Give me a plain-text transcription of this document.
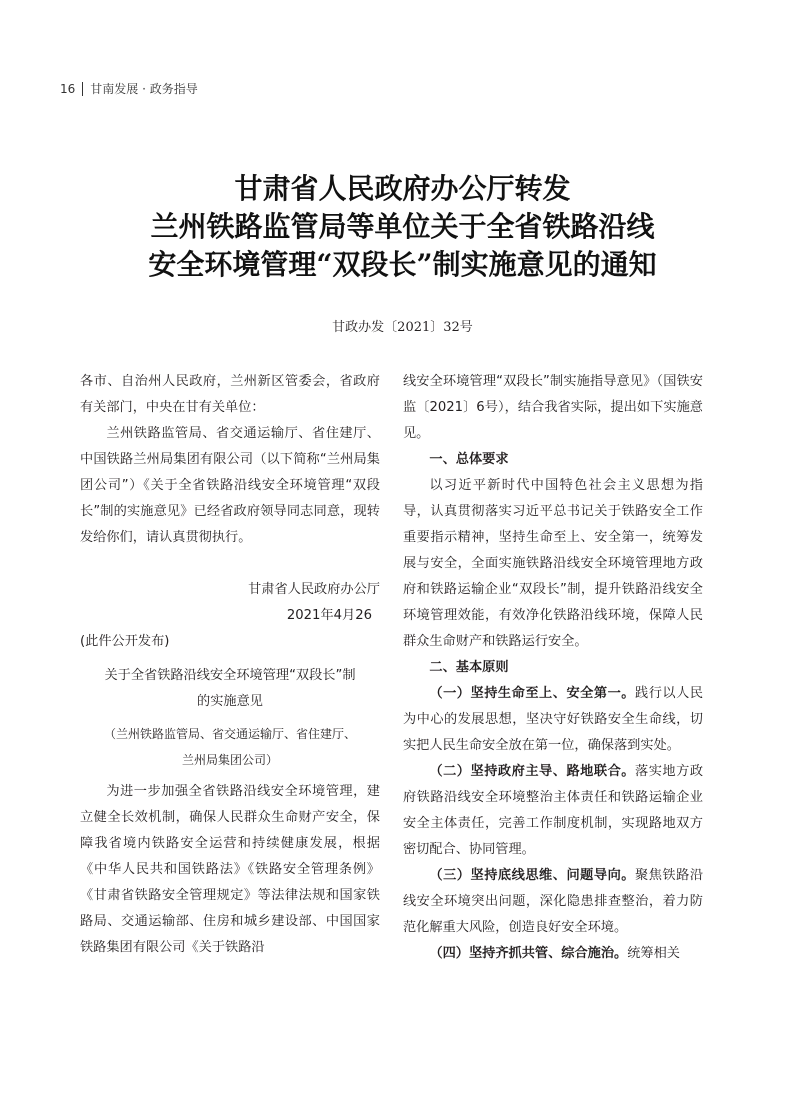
16 甘南发展 · 政务指导
甘肃省人民政府办公厅转发
兰州铁路监管局等单位关于全省铁路沿线
安全环境管理“双段长”制实施意见的通知
甘政办发〔2021〕32号

各市、自治州人民政府，兰州新区管委会，省政府有关部门，中央在甘有关单位：

兰州铁路监管局、省交通运输厅、省住建厅、中国铁路兰州局集团有限公司（以下简称“兰州局集团公司”）《关于全省铁路沿线安全环境管理“双段长”制的实施意见》已经省政府领导同志同意，现转发给你们，请认真贯彻执行。

甘肃省人民政府办公厅

2021年4月26

(此件公开发布)

关于全省铁路沿线安全环境管理“双段长”制
的实施意见
（兰州铁路监管局、省交通运输厅、省住建厅、
兰州局集团公司）

为进一步加强全省铁路沿线安全环境管理，建立健全长效机制，确保人民群众生命财产安全，保障我省境内铁路安全运营和持续健康发展，根据《中华人民共和国铁路法》《铁路安全管理条例》《甘肃省铁路安全管理规定》等法律法规和国家铁路局、交通运输部、住房和城乡建设部、中国国家铁路集团有限公司《关于铁路沿

线安全环境管理“双段长”制实施指导意见》（国铁安监〔2021〕6号），结合我省实际，提出如下实施意见。

一、总体要求

以习近平新时代中国特色社会主义思想为指导，认真贯彻落实习近平总书记关于铁路安全工作重要指示精神，坚持生命至上、安全第一，统筹发展与安全，全面实施铁路沿线安全环境管理地方政府和铁路运输企业“双段长”制，提升铁路沿线安全环境管理效能，有效净化铁路沿线环境，保障人民群众生命财产和铁路运行安全。

二、基本原则

（一）坚持生命至上、安全第一。践行以人民为中心的发展思想，坚决守好铁路安全生命线，切实把人民生命安全放在第一位，确保落到实处。

（二）坚持政府主导、路地联合。落实地方政府铁路沿线安全环境整治主体责任和铁路运输企业安全主体责任，完善工作制度机制，实现路地双方密切配合、协同管理。

（三）坚持底线思维、问题导向。聚焦铁路沿线安全环境突出问题，深化隐患排查整治，着力防范化解重大风险，创造良好安全环境。

（四）坚持齐抓共管、综合施治。统筹相关
